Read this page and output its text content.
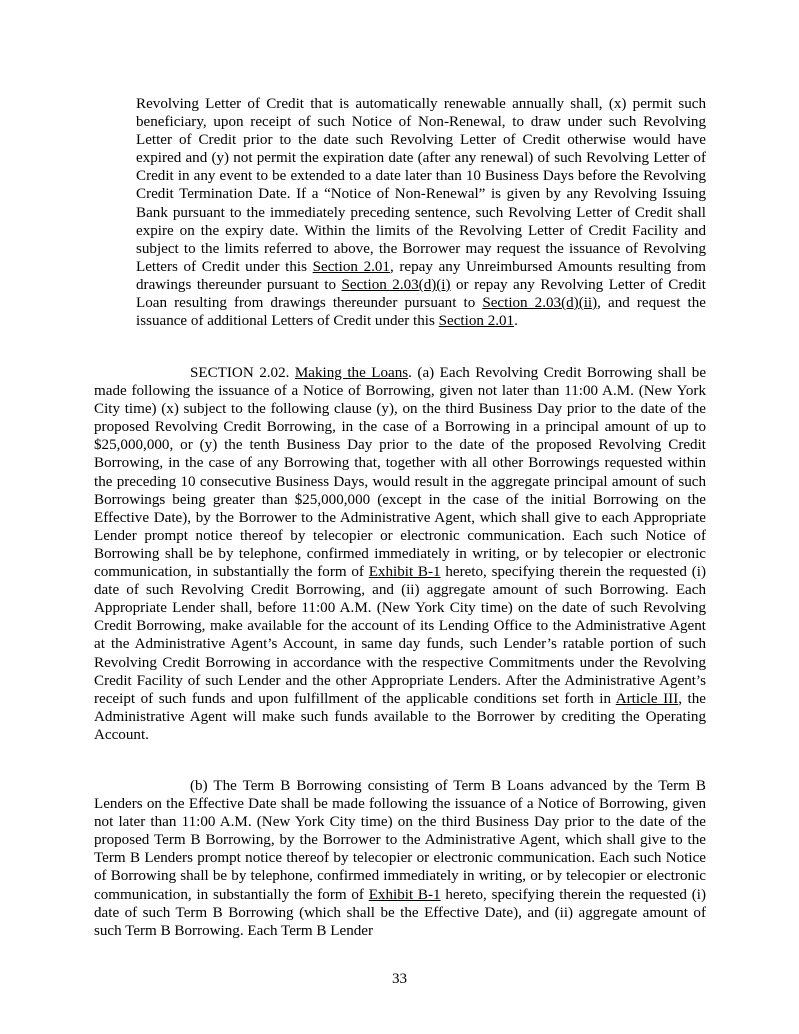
Revolving Letter of Credit that is automatically renewable annually shall, (x) permit such beneficiary, upon receipt of such Notice of Non-Renewal, to draw under such Revolving Letter of Credit prior to the date such Revolving Letter of Credit otherwise would have expired and (y) not permit the expiration date (after any renewal) of such Revolving Letter of Credit in any event to be extended to a date later than 10 Business Days before the Revolving Credit Termination Date. If a “Notice of Non-Renewal” is given by any Revolving Issuing Bank pursuant to the immediately preceding sentence, such Revolving Letter of Credit shall expire on the expiry date. Within the limits of the Revolving Letter of Credit Facility and subject to the limits referred to above, the Borrower may request the issuance of Revolving Letters of Credit under this Section 2.01, repay any Unreimbursed Amounts resulting from drawings thereunder pursuant to Section 2.03(d)(i) or repay any Revolving Letter of Credit Loan resulting from drawings thereunder pursuant to Section 2.03(d)(ii), and request the issuance of additional Letters of Credit under this Section 2.01.

SECTION 2.02. Making the Loans. (a) Each Revolving Credit Borrowing shall be made following the issuance of a Notice of Borrowing, given not later than 11:00 A.M. (New York City time) (x) subject to the following clause (y), on the third Business Day prior to the date of the proposed Revolving Credit Borrowing, in the case of a Borrowing in a principal amount of up to $25,000,000, or (y) the tenth Business Day prior to the date of the proposed Revolving Credit Borrowing, in the case of any Borrowing that, together with all other Borrowings requested within the preceding 10 consecutive Business Days, would result in the aggregate principal amount of such Borrowings being greater than $25,000,000 (except in the case of the initial Borrowing on the Effective Date), by the Borrower to the Administrative Agent, which shall give to each Appropriate Lender prompt notice thereof by telecopier or electronic communication. Each such Notice of Borrowing shall be by telephone, confirmed immediately in writing, or by telecopier or electronic communication, in substantially the form of Exhibit B-1 hereto, specifying therein the requested (i) date of such Revolving Credit Borrowing, and (ii) aggregate amount of such Borrowing. Each Appropriate Lender shall, before 11:00 A.M. (New York City time) on the date of such Revolving Credit Borrowing, make available for the account of its Lending Office to the Administrative Agent at the Administrative Agent’s Account, in same day funds, such Lender’s ratable portion of such Revolving Credit Borrowing in accordance with the respective Commitments under the Revolving Credit Facility of such Lender and the other Appropriate Lenders. After the Administrative Agent’s receipt of such funds and upon fulfillment of the applicable conditions set forth in Article III, the Administrative Agent will make such funds available to the Borrower by crediting the Operating Account.

(b) The Term B Borrowing consisting of Term B Loans advanced by the Term B Lenders on the Effective Date shall be made following the issuance of a Notice of Borrowing, given not later than 11:00 A.M. (New York City time) on the third Business Day prior to the date of the proposed Term B Borrowing, by the Borrower to the Administrative Agent, which shall give to the Term B Lenders prompt notice thereof by telecopier or electronic communication. Each such Notice of Borrowing shall be by telephone, confirmed immediately in writing, or by telecopier or electronic communication, in substantially the form of Exhibit B-1 hereto, specifying therein the requested (i) date of such Term B Borrowing (which shall be the Effective Date), and (ii) aggregate amount of such Term B Borrowing. Each Term B Lender

33
